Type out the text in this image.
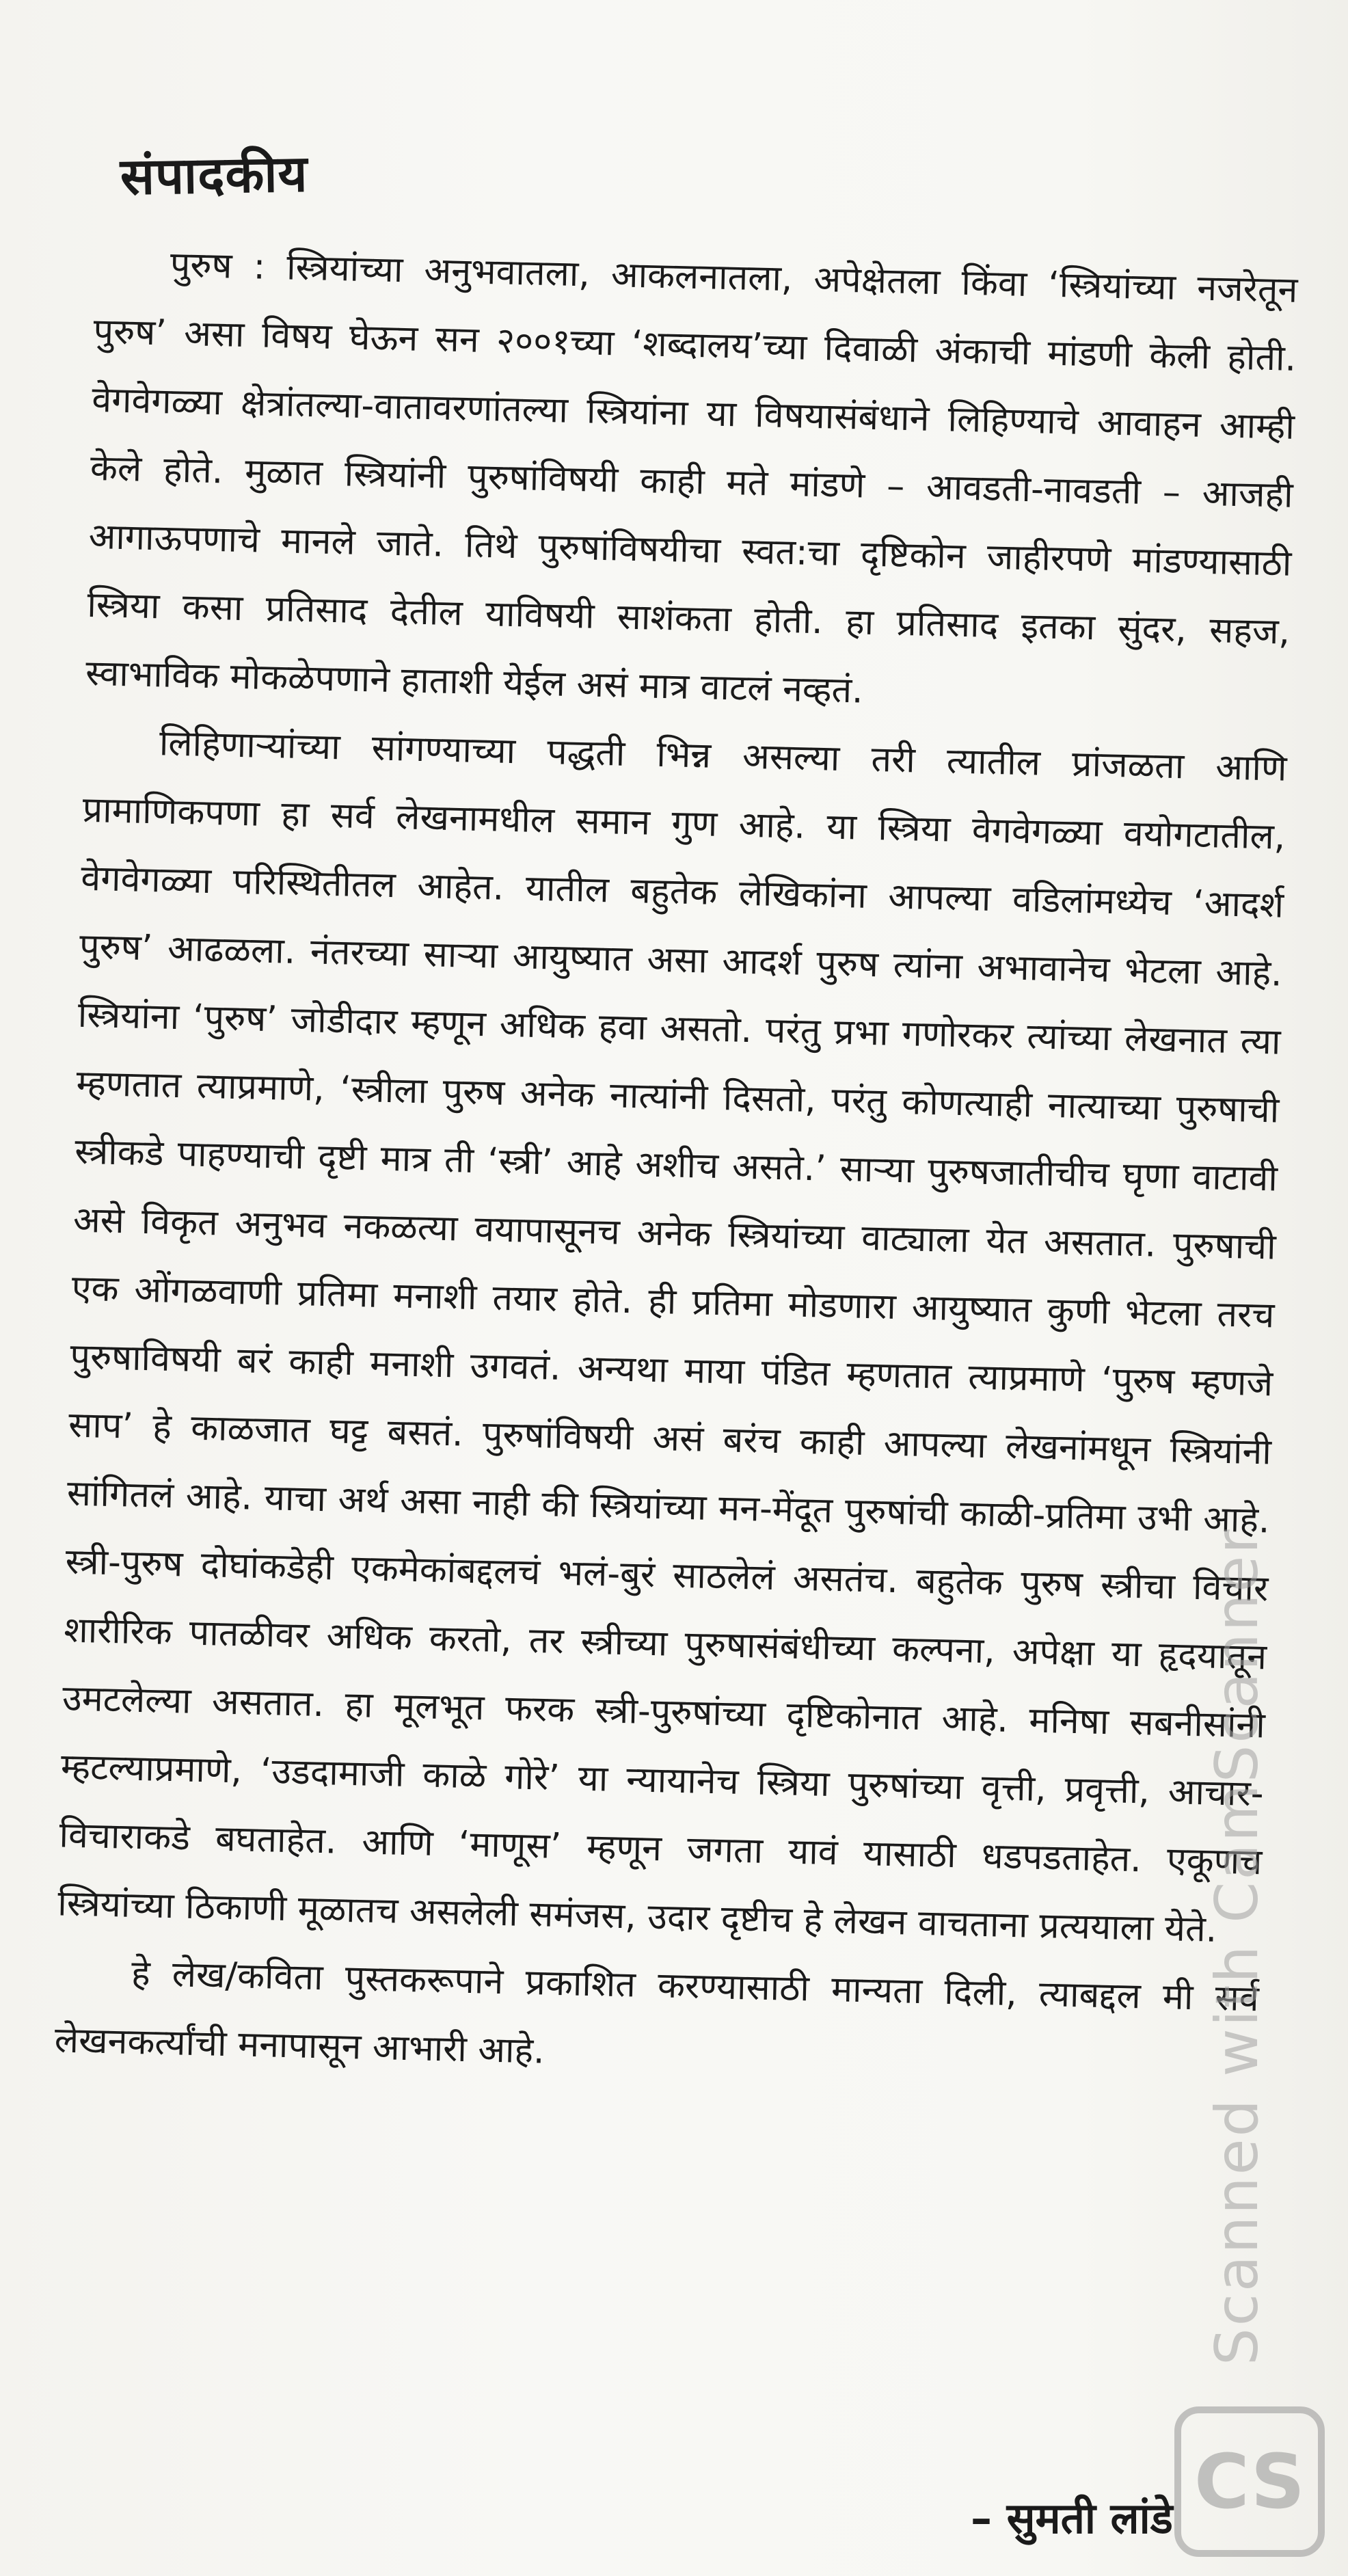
संपादकीय

पुरुष : स्त्रियांच्या अनुभवातला, आकलनातला, अपेक्षेतला किंवा ‘स्त्रियांच्या नजरेतून पुरुष’ असा विषय घेऊन सन २००१च्या ‘शब्दालय’च्या दिवाळी अंकाची मांडणी केली होती. वेगवेगळ्या क्षेत्रांतल्या-वातावरणांतल्या स्त्रियांना या विषयासंबंधाने लिहिण्याचे आवाहन आम्ही केले होते. मुळात स्त्रियांनी पुरुषांविषयी काही मते मांडणे – आवडती-नावडती – आजही आगाऊपणाचे मानले जाते. तिथे पुरुषांविषयीचा स्वत:चा दृष्टिकोन जाहीरपणे मांडण्यासाठी स्त्रिया कसा प्रतिसाद देतील याविषयी साशंकता होती. हा प्रतिसाद इतका सुंदर, सहज, स्वाभाविक मोकळेपणाने हाताशी येईल असं मात्र वाटलं नव्हतं.

लिहिणाऱ्यांच्या सांगण्याच्या पद्धती भिन्न असल्या तरी त्यातील प्रांजळता आणि प्रामाणिकपणा हा सर्व लेखनामधील समान गुण आहे. या स्त्रिया वेगवेगळ्या वयोगटातील, वेगवेगळ्या परिस्थितीतल आहेत. यातील बहुतेक लेखिकांना आपल्या वडिलांमध्येच ‘आदर्श पुरुष’ आढळला. नंतरच्या साऱ्या आयुष्यात असा आदर्श पुरुष त्यांना अभावानेच भेटला आहे. स्त्रियांना ‘पुरुष’ जोडीदार म्हणून अधिक हवा असतो. परंतु प्रभा गणोरकर त्यांच्या लेखनात त्या म्हणतात त्याप्रमाणे, ‘स्त्रीला पुरुष अनेक नात्यांनी दिसतो, परंतु कोणत्याही नात्याच्या पुरुषाची स्त्रीकडे पाहण्याची दृष्टी मात्र ती ‘स्त्री’ आहे अशीच असते.’ साऱ्या पुरुषजातीचीच घृणा वाटावी असे विकृत अनुभव नकळत्या वयापासूनच अनेक स्त्रियांच्या वाट्याला येत असतात. पुरुषाची एक ओंगळवाणी प्रतिमा मनाशी तयार होते. ही प्रतिमा मोडणारा आयुष्यात कुणी भेटला तरच पुरुषाविषयी बरं काही मनाशी उगवतं. अन्यथा माया पंडित म्हणतात त्याप्रमाणे ‘पुरुष म्हणजे साप’ हे काळजात घट्ट बसतं. पुरुषांविषयी असं बरंच काही आपल्या लेखनांमधून स्त्रियांनी सांगितलं आहे. याचा अर्थ असा नाही की स्त्रियांच्या मन-मेंदूत पुरुषांची काळी-प्रतिमा उभी आहे. स्त्री-पुरुष दोघांकडेही एकमेकांबद्दलचं भलं-बुरं साठलेलं असतंच. बहुतेक पुरुष स्त्रीचा विचार शारीरिक पातळीवर अधिक करतो, तर स्त्रीच्या पुरुषासंबंधीच्या कल्पना, अपेक्षा या हृदयातून उमटलेल्या असतात. हा मूलभूत फरक स्त्री-पुरुषांच्या दृष्टिकोनात आहे. मनिषा सबनीसांनी म्हटल्याप्रमाणे, ‘उडदामाजी काळे गोरे’ या न्यायानेच स्त्रिया पुरुषांच्या वृत्ती, प्रवृत्ती, आचार-विचाराकडे बघताहेत. आणि ‘माणूस’ म्हणून जगता यावं यासाठी धडपडताहेत. एकूणच स्त्रियांच्या ठिकाणी मूळातच असलेली समंजस, उदार दृष्टीच हे लेखन वाचताना प्रत्ययाला येते.

हे लेख/कविता पुस्तकरूपाने प्रकाशित करण्यासाठी मान्यता दिली, त्याबद्दल मी सर्व लेखनकर्त्यांची मनापासून आभारी आहे.

– सुमती लांडे
Scanned with CamScanner
CS
